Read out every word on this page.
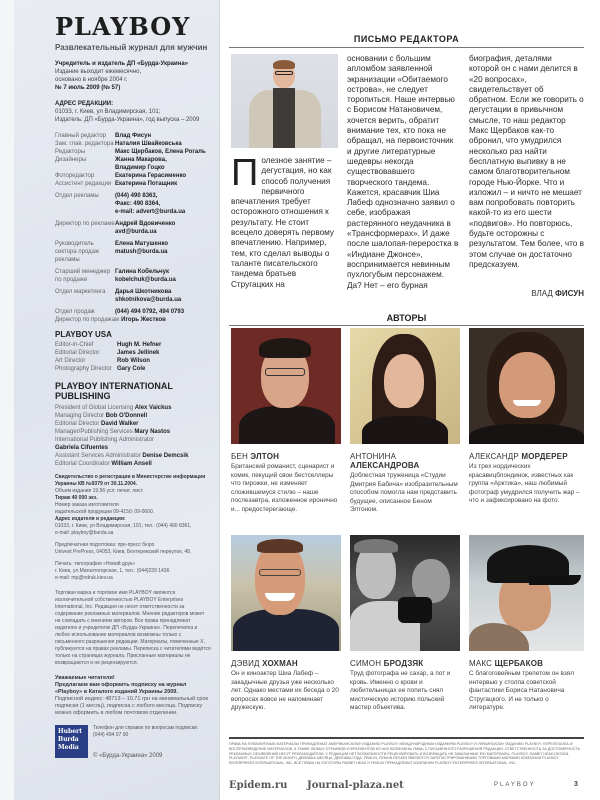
PLAYBOY
Развлекательный журнал для мужчин
Учредитель и издатель ДП «Бурда-Украина»
Издание выходит ежемесячно,
основано в ноябре 2004 г.
№ 7 июль 2009 (№ 57)
АДРЕС РЕДАКЦИИ:
01033, г. Киев, ул Владимирская, 101;
Издатель: ДП «Бурда-Украина», год выпуска – 2009
Главный редактор	Влад Фисун
Зам. глав. редактора Наталия Швайковська
Редакторы	Макс Щербаков, Елена Рогаль
Дизайнеры	Жанна Макарова,
Владимир Гоцко
Фоторедактор	Екатерина Герасименко
Ассистент редакции Екатерина Потащник
Отдел рекламы	(044) 490 8363,
Факс: 490 8364,
e-mail: advert@burda.ua
Директор по рекламе Андрей Вдовиченко
avd@burda.ua
Руководитель сектора продаж рекламы
Елена Матушенко
matush@burda.ua
Старший менеджер по продаже
Галина Кобельчук
kobelchuk@burda.ua
Отдел маркетинга	Дарья Шкотникова
shkotnikova@burda.ua
Отдел продаж	(044) 494 0792, 494 0793
Директор по продажам Игорь Жестков
PLAYBOY USA
Editor-in-Chief	Hugh M. Hefner
Editorial Director	James Jellinek
Art Director	Rob Wilson
Photography Director Gary Cole
PLAYBOY INTERNATIONAL PUBLISHING
President of Global Licensing Alex Vaickus
Managing Director Bob O'Donnell
Editorial Director David Walker
Manager/Publishing Services Mary Nastos
International Publishing Administrator
Gabriela Cifuentes
Assistant Services Administrator Denise Demcsik
Editorial Coordinator William Ansell
Свидетельство о регистрации в Министерстве информации Украины КВ №9379 от 30.11.2004.
Объем издания 19,56 усл. печат. лист.
Тираж 40 000 экз.
Номер заказа изготовителя
издательской продукции 09-4150; 09-0600.
Адрес издателя и редакции:
01033, г. Киев, ул Владимирская, 101; тел.: (044) 490 8361,
e-mail: playboy@burda.ua
Предпечатная подготовка: пре-пресс бюро
Univest PrePress, 04053, Киев, Бехтеревский переулок, 48.
Печать: типография «Новий друк»
г. Киев, ул.Магнитогорская, 1, тел.: (044)239 1436
e-mail: mp@ndruk.kiev.ua
Торговая марка и торговое имя PLAYBOY являются исключительной собственностью PLAYBOY Enterprises International, Inc. Редакция не несет ответственности за содержание рекламных материалов. Мнение редакторов может не совпадать с мнением авторов. Все права принадлежат издателю и учредителю ДП «Бурда-Украина». Перепечатка и любое использование материалов возможны только с письменного разрешения редакции. Материалы, помеченные X, публикуются на правах рекламы. Переписка с читателями ведётся только на страницах журнала. Присланные материалы не возвращаются и не рецензируются.
Уважаемые читатели!
Предлагаем вам оформить подписку на журнал «Playboy» в Каталоге изданий Украины 2009.
Подписной индекс: 48713 – 10,71 грн на минимальный срок подписки (1 месяц), подписка с любого месяца. Подписку можно оформить в любом почтовом отделении.
Hubert
Burda
Media
Телефон для справок по вопросам подписки:
(044) 494 07 90
© «Бурда-Украина» 2009
ПИСЬМО РЕДАКТОРА
Полезное занятие – дегустация, но как способ получения первичного впечатления требует осторожного отношения к результату. Не стоит всецело доверять первому впечатлению. Например, тем, кто сделал выводы о таланте писательского тандема братьев Стругацких на
основании с большим апломбом заявленной экранизации «Обитаемого острова», не следует торопиться. Наше интервью с Борисом Натановичем, хочется верить, обратит внимание тех, кто пока не обращал, на первоисточник и другие литературные шедевры некогда существовавшего творческого тандема. Кажется, красавчик Шиа Лабеф однозначно заявил о себе, изображая растерянного неудачника в «Трансформерах». И даже после шалопая-переростка в «Индиане Джонсе», воспринимается невинным пухлогубым персонажем. Да? Нет – его бурная
биография, деталями которой он с нами делится в «20 вопросах», свидетельствует об обратном. Если же говорить о дегустации в привычном смысле, то наш редактор Макс Щербаков как-то обронил, что умудрился несколько раз найти бесплатную выпивку в не самом благотворительном городе Нью-Йорке. Что и изложил – и ничто не мешает вам попробовать повторить какой-то из его шести «подвигов». Но повторюсь, будьте осторожны с результатом. Тем более, что в этом случае он достаточно предсказуем.
ВЛАД ФИСУН
АВТОРЫ
БЕН ЭЛТОН
Британский романист, сценарист и комик, пекущий свои бестселлеры что пирожки, не изменяет сложившемуся стилю – наше послезавтра, изложенное иронично и... предостерегающе.
АНТОНИНА
АЛЕКСАНДРОВА
Доблестная труженица «Студии Дмитрия Бабича» изобразительным способом помогла нам представить будущее, описанное Беном Элтоном.
АЛЕКСАНДР МОРДЕРЕР
Из трех нордических красавицблондинок, известных как группа «Арктика», наш любимый фотограф умудрился получить жар – что и зафиксировано на фото.
ДЭВИД ХОХМАН
Он и киноактер Шиа Лабеф – закадычные друзья уже несколько лет. Однако местами их беседа о 20 вопросах вовсе не напоминает дружескую.
СИМОН БРОДЗЯК
Труд фотографа не сахар, а пот и кровь. Именно о крови и любительницах ее попить снял мистическую историю польский мастер объектива.
МАКС ЩЕРБАКОВ
С благоговейным трепетом он взял интервью у столпа советской фантастики Бориса Натановича Стругацкого. И не только о литературе.
ПРАВА НА ПУБЛИКУЕМЫЕ МАТЕРИАЛЫ ПРИНАДЛЕЖАТ АМЕРИКАНСКОМУ ИЗДАНИЮ PLAYBOY, МЕЖДУНАРОДНЫМ ИЗДАНИЯМ PLAYBOY И УКРАИНСКОМУ ИЗДАНИЮ PLAYBOY. ПЕРЕПЕЧАТКА И ВОСПРОИЗВЕДЕНИЕ МАТЕРИАЛОВ, А ТАКЖЕ ЛЮБЫХ ОТРЫВКОВ И ФРАГМЕНТОВ ИЗ НИХ ВОЗМОЖНЫ ЛИШЬ С ПИСЬМЕННОГО РАЗРЕШЕНИЯ РЕДАКЦИИ. ОТВЕТСТВЕННОСТЬ ЗА ДОСТОВЕРНОСТЬ РЕКЛАМНЫХ ОБЪЯВЛЕНИЙ НЕСУТ РЕКЛАМОДАТЕЛИ. У РЕДАКЦИИ НЕТ ВОЗМОЖНОСТИ РЕЦЕНЗИРОВАТЬ И ВОЗВРАЩАТЬ НЕ ЗАКАЗАННЫЕ ЕЮ МАТЕРИАЛЫ. PLAYBOY, RABBIT HEAD DESIGN, PLAYMATE, PLAYMATE OF THE MONTH, ДЕВУШКА МЕСЯЦА, ДЕВУШКА ГОДА, FEMLIN, FEMLIN DESIGN ЯВЛЯЮТСЯ ЗАРЕГИСТРИРОВАННЫМИ ТОРГОВЫМИ МАРКАМИ КОМПАНИИ PLAYBOY ENTERPRISES INTERNATIONAL, INC. ВСЕ ПРАВА НА ЛОГОТИПЫ RABBIT HEAD И FEMLIN ПРИНАДЛЕЖАТ КОМПАНИИ PLAYBOY ENTERPRISES INTERNATIONAL, INC.
Epidem.ru Journal-plaza.net	PLAYBOY	3
